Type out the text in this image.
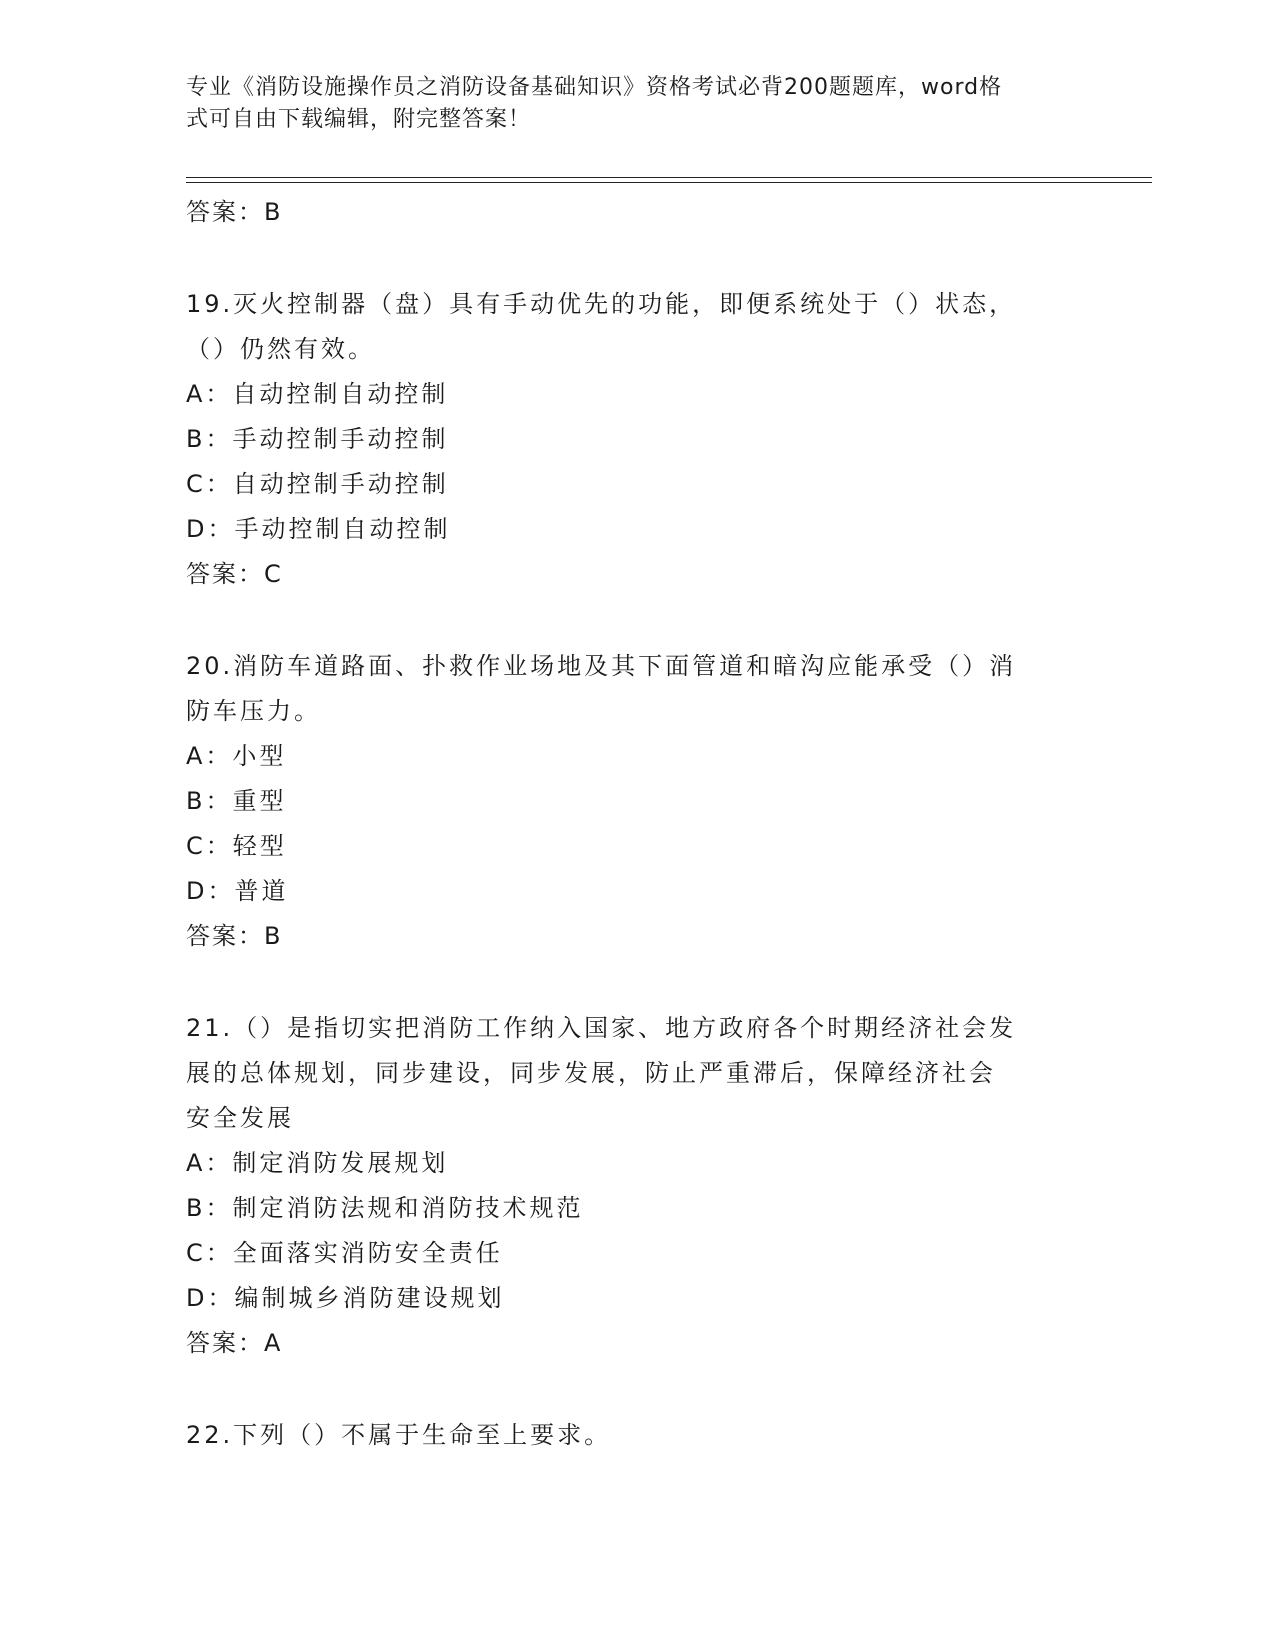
专业《消防设施操作员之消防设备基础知识》资格考试必背200题题库，word格
式可自由下载编辑，附完整答案！
答案：B
19.灭火控制器（盘）具有手动优先的功能，即便系统处于（）状态，
（）仍然有效。
A：自动控制自动控制
B：手动控制手动控制
C：自动控制手动控制
D：手动控制自动控制
答案：C
20.消防车道路面、扑救作业场地及其下面管道和暗沟应能承受（）消
防车压力。
A：小型
B：重型
C：轻型
D：普道
答案：B
21.（）是指切实把消防工作纳入国家、地方政府各个时期经济社会发
展的总体规划，同步建设，同步发展，防止严重滞后，保障经济社会
安全发展
A：制定消防发展规划
B：制定消防法规和消防技术规范
C：全面落实消防安全责任
D：编制城乡消防建设规划
答案：A
22.下列（）不属于生命至上要求。
